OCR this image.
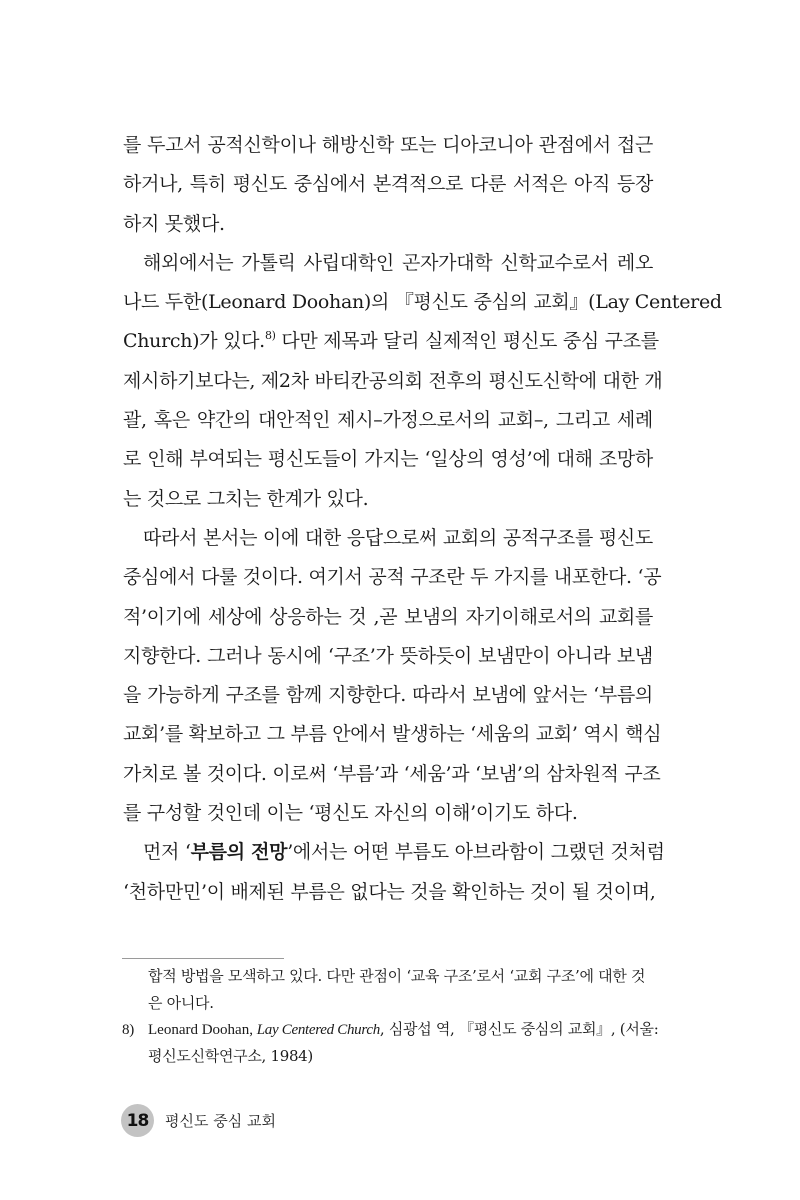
를 두고서 공적신학이나 해방신학 또는 디아코니아 관점에서 접근
하거나, 특히 평신도 중심에서 본격적으로 다룬 서적은 아직 등장
하지 못했다.
해외에서는 가톨릭 사립대학인 곤자가대학 신학교수로서 레오
나드 두한(Leonard Doohan)의 『평신도 중심의 교회』(Lay Centered
Church)가 있다.$^{8)}$ 다만 제목과 달리 실제적인 평신도 중심 구조를
제시하기보다는, 제2차 바티칸공의회 전후의 평신도신학에 대한 개
괄, 혹은 약간의 대안적인 제시–가정으로서의 교회–, 그리고 세례
로 인해 부여되는 평신도들이 가지는 ‘일상의 영성’에 대해 조망하
는 것으로 그치는 한계가 있다.
따라서 본서는 이에 대한 응답으로써 교회의 공적구조를 평신도
중심에서 다룰 것이다. 여기서 공적 구조란 두 가지를 내포한다. ‘공
적’이기에 세상에 상응하는 것 ,곧 보냄의 자기이해로서의 교회를
지향한다. 그러나 동시에 ‘구조’가 뜻하듯이 보냄만이 아니라 보냄
을 가능하게 구조를 함께 지향한다. 따라서 보냄에 앞서는 ‘부름의
교회’를 확보하고 그 부름 안에서 발생하는 ‘세움의 교회’ 역시 핵심
가치로 볼 것이다. 이로써 ‘부름’과 ‘세움’과 ‘보냄’의 삼차원적 구조
를 구성할 것인데 이는 ‘평신도 자신의 이해’이기도 하다.
먼저 ‘부름의 전망’에서는 어떤 부름도 아브라함이 그랬던 것처럼
‘천하만민’이 배제된 부름은 없다는 것을 확인하는 것이 될 것이며,
합적 방법을 모색하고 있다. 다만 관점이 ‘교육 구조’로서 ‘교회 구조’에 대한 것
은 아니다.
8) Leonard Doohan, Lay Centered Church, 심광섭 역, 『평신도 중심의 교회』, (서울:
평신도신학연구소, 1984)
18	평신도 중심 교회
